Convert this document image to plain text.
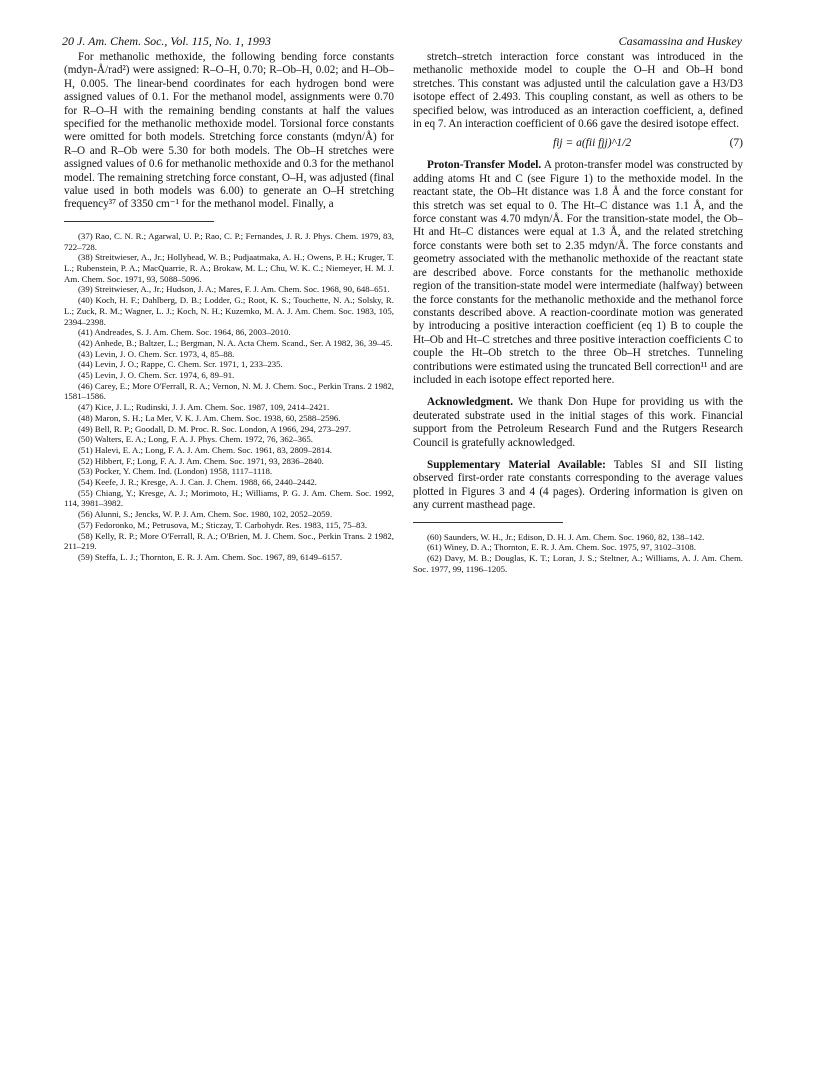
20 J. Am. Chem. Soc., Vol. 115, No. 1, 1993	Casamassina and Huskey

For methanolic methoxide, the following bending force constants (mdyn-Å/rad²) were assigned: R–O–H, 0.70; R–Ob–H, 0.02; and H–Ob–H, 0.005. The linear-bend coordinates for each hydrogen bond were assigned values of 0.1. For the methanol model, assignments were 0.70 for R–O–H with the remaining bending constants at half the values specified for the methanolic methoxide model. Torsional force constants were omitted for both models. Stretching force constants (mdyn/Å) for R–O and R–Ob were 5.30 for both models. The Ob–H stretches were assigned values of 0.6 for methanolic methoxide and 0.3 for the methanol model. The remaining stretching force constant, O–H, was adjusted (final value used in both models was 6.00) to generate an O–H stretching frequency³⁷ of 3350 cm⁻¹ for the methanol model. Finally, a

(37) Rao, C. N. R.; Agarwal, U. P.; Rao, C. P.; Fernandes, J. R. J. Phys. Chem. 1979, 83, 722–728.

(38) Streitwieser, A., Jr.; Hollyhead, W. B.; Pudjaatmaka, A. H.; Owens, P. H.; Kruger, T. L.; Rubenstein, P. A.; MacQuarrie, R. A.; Brokaw, M. L.; Chu, W. K. C.; Niemeyer, H. M. J. Am. Chem. Soc. 1971, 93, 5088–5096.

(39) Streitwieser, A., Jr.; Hudson, J. A.; Mares, F. J. Am. Chem. Soc. 1968, 90, 648–651.

(40) Koch, H. F.; Dahlberg, D. B.; Lodder, G.; Root, K. S.; Touchette, N. A.; Solsky, R. L.; Zuck, R. M.; Wagner, L. J.; Koch, N. H.; Kuzemko, M. A. J. Am. Chem. Soc. 1983, 105, 2394–2398.

(41) Andreades, S. J. Am. Chem. Soc. 1964, 86, 2003–2010.

(42) Anhede, B.; Baltzer, L.; Bergman, N. A. Acta Chem. Scand., Ser. A 1982, 36, 39–45.

(43) Levin, J. O. Chem. Scr. 1973, 4, 85–88.

(44) Levin, J. O.; Rappe, C. Chem. Scr. 1971, 1, 233–235.

(45) Levin, J. O. Chem. Scr. 1974, 6, 89–91.

(46) Carey, E.; More O'Ferrall, R. A.; Vernon, N. M. J. Chem. Soc., Perkin Trans. 2 1982, 1581–1586.

(47) Kice, J. L.; Rudinski, J. J. Am. Chem. Soc. 1987, 109, 2414–2421.

(48) Maron, S. H.; La Mer, V. K. J. Am. Chem. Soc. 1938, 60, 2588–2596.

(49) Bell, R. P.; Goodall, D. M. Proc. R. Soc. London, A 1966, 294, 273–297.

(50) Walters, E. A.; Long, F. A. J. Phys. Chem. 1972, 76, 362–365.

(51) Halevi, E. A.; Long, F. A. J. Am. Chem. Soc. 1961, 83, 2809–2814.

(52) Hibbert, F.; Long, F. A. J. Am. Chem. Soc. 1971, 93, 2836–2840.

(53) Pocker, Y. Chem. Ind. (London) 1958, 1117–1118.

(54) Keefe, J. R.; Kresge, A. J. Can. J. Chem. 1988, 66, 2440–2442.

(55) Chiang, Y.; Kresge, A. J.; Morimoto, H.; Williams, P. G. J. Am. Chem. Soc. 1992, 114, 3981–3982.

(56) Alunni, S.; Jencks, W. P. J. Am. Chem. Soc. 1980, 102, 2052–2059.

(57) Fedoronko, M.; Petrusova, M.; Sticzay, T. Carbohydr. Res. 1983, 115, 75–83.

(58) Kelly, R. P.; More O'Ferrall, R. A.; O'Brien, M. J. Chem. Soc., Perkin Trans. 2 1982, 211–219.

(59) Steffa, L. J.; Thornton, E. R. J. Am. Chem. Soc. 1967, 89, 6149–6157.

stretch–stretch interaction force constant was introduced in the methanolic methoxide model to couple the O–H and Ob–H bond stretches. This constant was adjusted until the calculation gave a H3/D3 isotope effect of 2.493. This coupling constant, as well as others to be specified below, was introduced as an interaction coefficient, a, defined in eq 7. An interaction coefficient of 0.66 gave the desired isotope effect.

fij = a(fii fjj)^1/2	(7)

Proton-Transfer Model. A proton-transfer model was constructed by adding atoms Ht and C (see Figure 1) to the methoxide model. In the reactant state, the Ob–Ht distance was 1.8 Å and the force constant for this stretch was set equal to 0. The Ht–C distance was 1.1 Å, and the force constant was 4.70 mdyn/Å. For the transition-state model, the Ob–Ht and Ht–C distances were equal at 1.3 Å, and the related stretching force constants were both set to 2.35 mdyn/Å. The force constants and geometry associated with the methanolic methoxide of the reactant state are described above. Force constants for the methanolic methoxide region of the transition-state model were intermediate (halfway) between the force constants for the methanolic methoxide and the methanol force constants described above. A reaction-coordinate motion was generated by introducing a positive interaction coefficient (eq 1) B to couple the Ht–Ob and Ht–C stretches and three positive interaction coefficients C to couple the Ht–Ob stretch to the three Ob–H stretches. Tunneling contributions were estimated using the truncated Bell correction¹¹ and are included in each isotope effect reported here.

Acknowledgment. We thank Don Hupe for providing us with the deuterated substrate used in the initial stages of this work. Financial support from the Petroleum Research Fund and the Rutgers Research Council is gratefully acknowledged.

Supplementary Material Available: Tables SI and SII listing observed first-order rate constants corresponding to the average values plotted in Figures 3 and 4 (4 pages). Ordering information is given on any current masthead page.

(60) Saunders, W. H., Jr.; Edison, D. H. J. Am. Chem. Soc. 1960, 82, 138–142.

(61) Winey, D. A.; Thornton, E. R. J. Am. Chem. Soc. 1975, 97, 3102–3108.

(62) Davy, M. B.; Douglas, K. T.; Loran, J. S.; Steltner, A.; Williams, A. J. Am. Chem. Soc. 1977, 99, 1196–1205.
